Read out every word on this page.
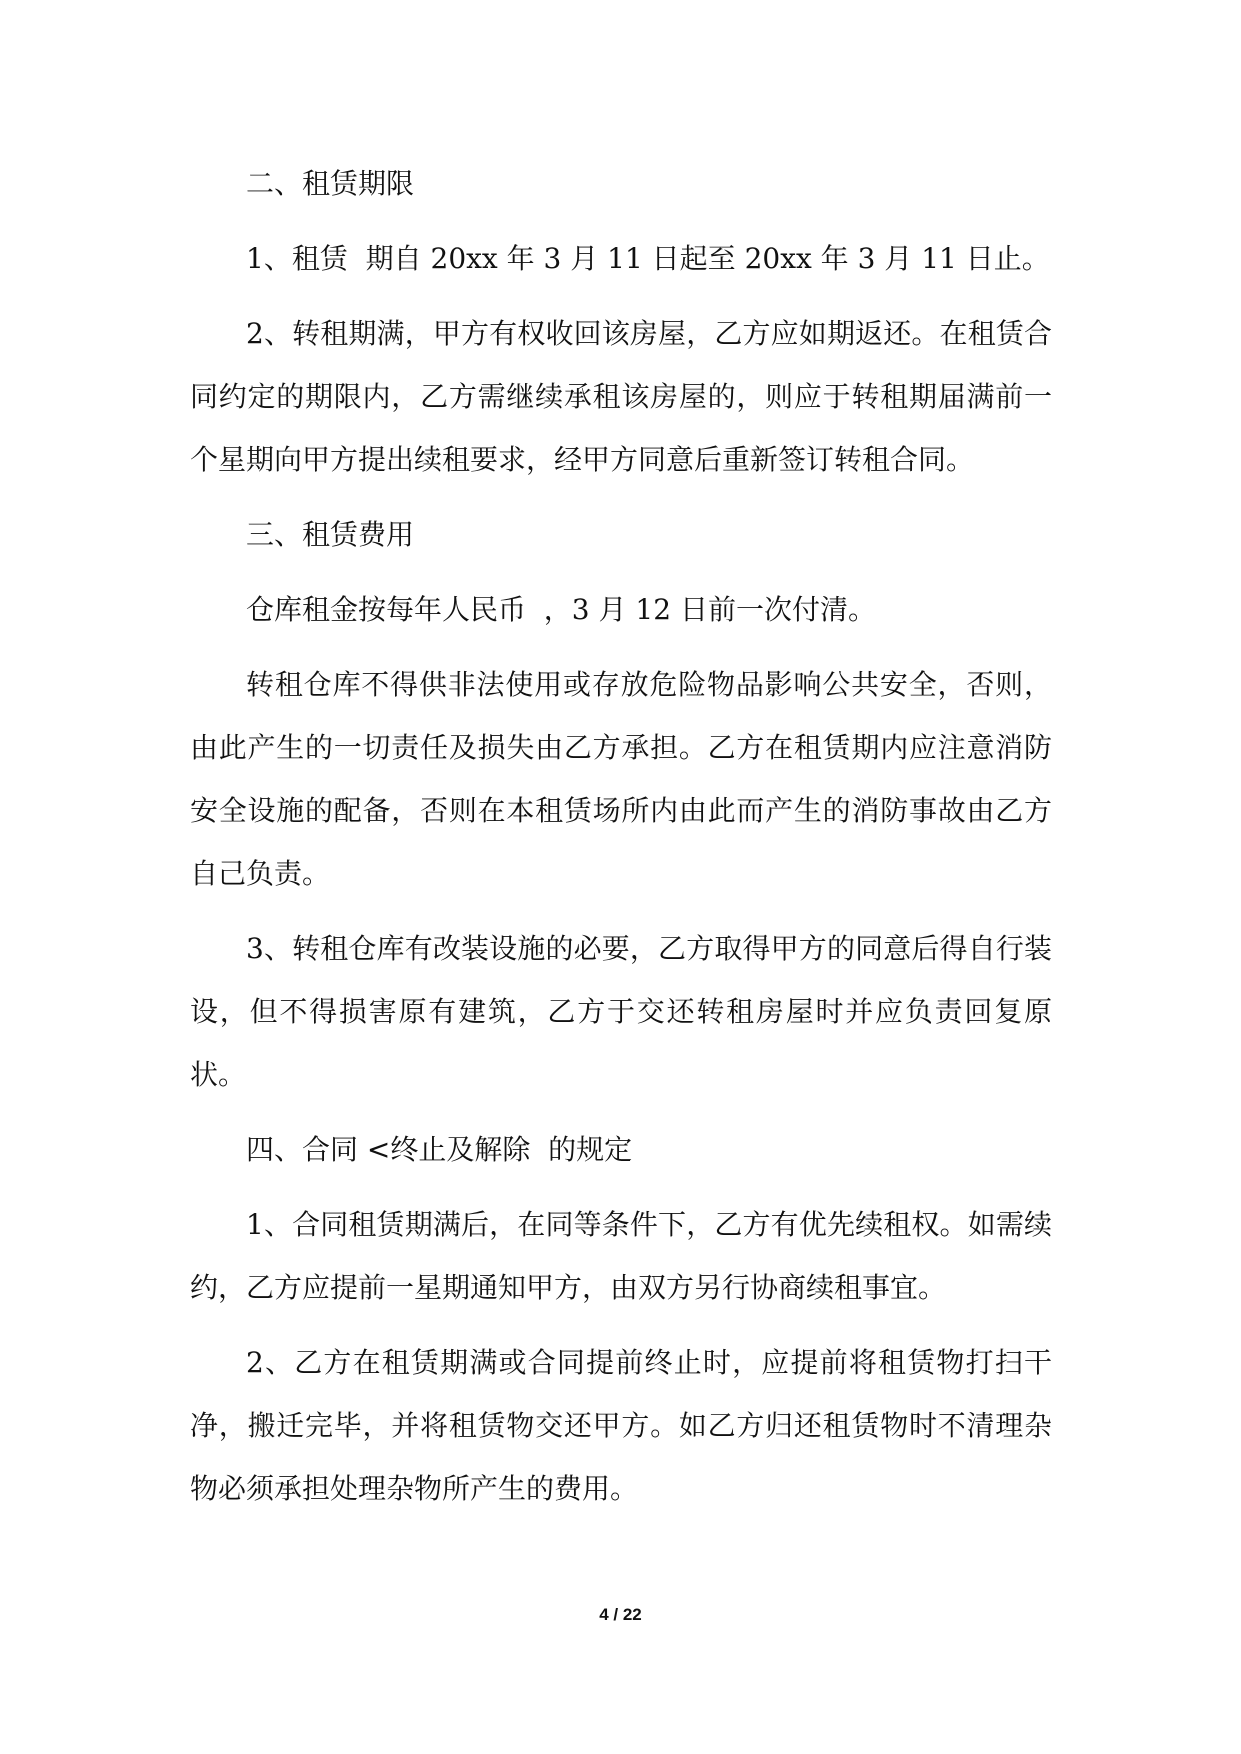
二、租赁期限

1、租赁  期自 20xx 年 3 月 11 日起至 20xx 年 3 月 11 日止。

2、转租期满，甲方有权收回该房屋，乙方应如期返还。在租赁合同约定的期限内，乙方需继续承租该房屋的，则应于转租期届满前一个星期向甲方提出续租要求，经甲方同意后重新签订转租合同。

三、租赁费用

仓库租金按每年人民币  ，3 月 12 日前一次付清。

转租仓库不得供非法使用或存放危险物品影响公共安全，否则，由此产生的一切责任及损失由乙方承担。乙方在租赁期内应注意消防安全设施的配备，否则在本租赁场所内由此而产生的消防事故由乙方自己负责。

3、转租仓库有改装设施的必要，乙方取得甲方的同意后得自行装设，但不得损害原有建筑，乙方于交还转租房屋时并应负责回复原状。

四、合同 <终止及解除  的规定

1、合同租赁期满后，在同等条件下，乙方有优先续租权。如需续约，乙方应提前一星期通知甲方，由双方另行协商续租事宜。

2、乙方在租赁期满或合同提前终止时，应提前将租赁物打扫干净，搬迁完毕，并将租赁物交还甲方。如乙方归还租赁物时不清理杂物必须承担处理杂物所产生的费用。

4 / 22
